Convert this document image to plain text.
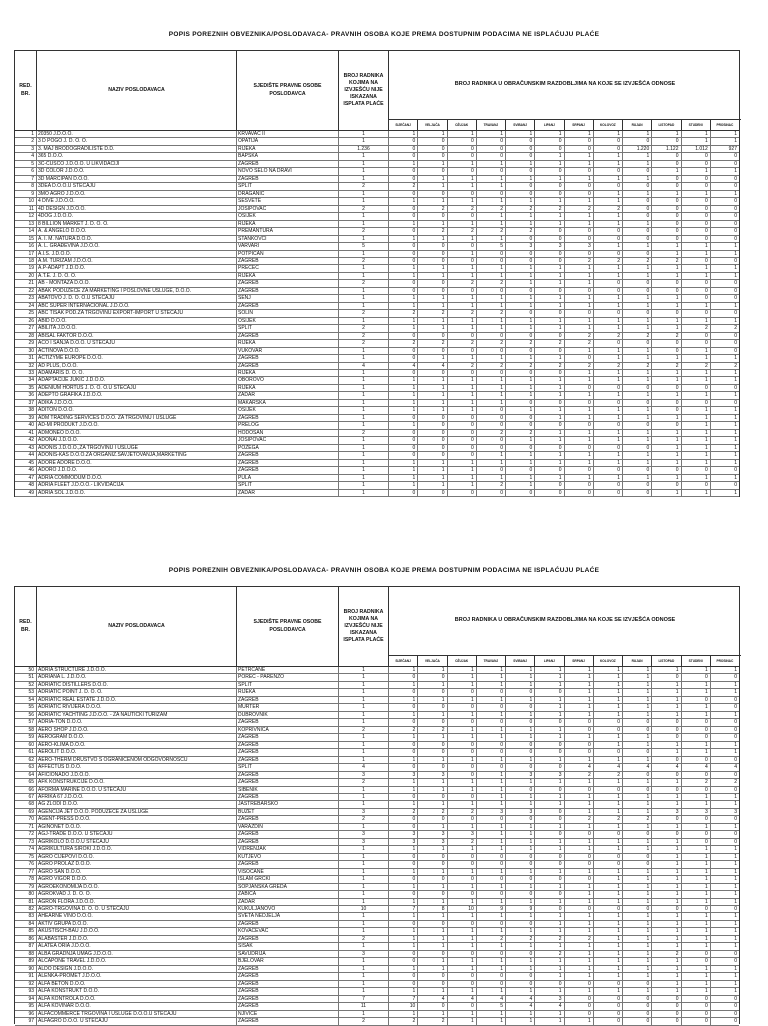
POPIS POREZNIH OBVEZNIKA/POSLODAVACA- PRAVNIH OSOBA KOJE PREMA DOSTUPNIM PODACIMA NE ISPLAĆUJU PLAĆE
RED. BR.
NAZIV POSLODAVACA
SJEDIŠTE PRAVNE OSOBE POSLODAVCA
BROJ RADNIKA KOJIMA NA IZVJEŠĆU NIJE ISKAZANA ISPLATA PLAĆE
BROJ RADNIKA U OBRAČUNSKIM RAZDOBLJIMA NA KOJE SE IZVJEŠĆA ODNOSE
SIJEČANJ	VELJAČA	OŽUJAK	TRAVANJ	SVIBANJ	LIPANJ	SRPANJ	KOLOVOZ	RUJAN	LISTOPAD	STUDENI	PROSINAC
1 20350 J.D.O.O.	KRVAVAC II	1	1	1	1	1	1	1	1	1	1	1	1	1
2 3 D POGO J. D. O. O.	OPATIJA	1	0	0	0	0	0	0	0	0	0	0	1	1
3 3. MAJ BRODOGRADILIŠTE D.D.	RIJEKA	1.236	0	0	0	0	0	0	0	0	1.220	1.122	1.012	927
4 365 D.O.O.	BAPSKA	1	0	0	0	0	0	1	1	1	1	0	0	0
5 3C-CUSCO J.D.O.O. U LIKVIDACIJI	ZAGREB	1	1	1	1	1	1	1	1	1	1	0	0	0
6 3D COLOR J.D.O.O.	NOVO SELO NA DRAVI	1	0	0	0	0	0	0	0	0	0	1	1	1
7 3D MARCIPAN D.O.O.	ZAGREB	1	0	1	1	1	1	1	1	1	1	0	0	0
8 3DEA D.O.O.U STEČAJU	SPLIT	2	2	1	1	1	0	0	0	0	0	0	0	0
9 3MO AGRO J.D.O.O.	DRAGANIĆ	1	0	0	0	0	0	0	0	1	1	1	1	1
10 4 DIVE J.D.O.O.	SESVETE	1	1	1	1	1	1	1	1	1	0	0	0	0
11 4D DESIGN J.D.O.O.	JOSIPOVAC	2	0	2	2	2	2	2	2	2	0	0	0	0
12 4DOG J.D.O.O.	OSIJEK	1	0	0	0	1	1	1	1	1	0	0	0	0
13 8 BILLION MARKET J. D. O. O.	RIJEKA	1	1	1	1	1	1	1	1	1	1	0	0	0
14 A. & ANGELO D.O.O.	PREMANTURA	2	0	2	2	2	2	0	0	0	0	0	0	0
15 A. I. M. NATURA D.O.O.	STANKOVCI	1	1	1	1	1	0	0	0	0	0	0	0	0
16 A. L. GRAĐEVINA J.D.O.O.	VARVARI	5	0	0	0	5	3	3	3	1	1	1	1	1
17 A.I.S. J.D.O.O.	POTPIĆAN	1	0	0	1	0	0	0	0	0	0	1	1	1
18 A.M. TURIZAM J.D.O.O.	ZAGREB	2	0	0	0	0	0	0	2	2	2	2	0	0
19 A.P-ADAPT J.D.O.O.	PREČEC	1	1	1	1	1	1	1	1	1	1	1	1	1
20 A.T.E. J. D. O. O.	RIJEKA	1	1	1	1	1	1	1	1	1	1	1	1	1
21 AB - MONTAŽA D.O.O.	ZAGREB	2	0	0	2	2	1	1	1	0	0	0	0	0
22 ABAK PODUZEĆE ZA MARKETING I POSLOVNE USLUGE, D.O.O.	ZAGREB	1	0	0	0	0	0	0	0	0	0	0	0	0
23 ABATOVO J. D. O. O.U STEČAJU	SENJ	1	1	1	1	1	1	1	1	1	1	1	0	0
24 ABC SUPER INTERNACIONAL J.D.O.O.	ZAGREB	1	1	1	1	1	1	1	1	1	1	1	1	1
25 ABC TISAK POD.ZA TRGOVINU EXPORT-IMPORT U STEČAJU	SOLIN	2	2	2	2	2	0	0	0	0	0	0	0	0
26 ABID D.O.O.	OSIJEK	1	1	1	1	1	1	1	1	1	1	1	1	1
27 ABILITA J.D.O.O.	SPLIT	2	1	1	1	1	1	1	1	1	1	1	2	2
28 ABISAL FAKTOR D.O.O.	ZAGREB	2	0	0	0	0	0	0	2	2	2	2	0	0
29 ACO I SANJA D.O.O. U STEČAJU	RIJEKA	2	2	2	2	2	2	2	2	0	0	0	0	0
30 ACTINOVA D.O.O.	VUKOVAR	1	0	0	0	0	0	0	1	1	1	0	1	0
31 ACTIZYME EUROPE D.O.O.	ZAGREB	1	0	1	1	1	1	1	0	1	1	1	1	1
32 AD PLUS, D.O.O.	ZAGREB	4	4	4	2	2	2	2	2	2	2	2	2	2
33 ADAMARIS D. O. O.	RIJEKA	1	0	0	0	0	0	0	1	1	1	1	1	1
34 ADAPTACIJE JUKIĆ J.D.O.O.	OBOROVO	1	1	1	1	1	1	1	1	1	1	1	1	1
35 ADENIUM HORTUS J. D. O. O.U STEČAJU	RIJEKA	1	1	1	1	1	1	1	0	0	0	0	0	0
36 ADEPTO GRAFIKA J.D.O.O.	ZADAR	1	1	1	1	1	1	1	1	1	1	1	1	1
37 ADIKA J.D.O.O.	MAKARSKA	1	1	1	1	1	0	0	0	0	0	0	0	0
38 ADITON D.O.O.	OSIJEK	1	1	1	1	0	1	1	1	1	1	0	1	1
39 ADM TRADING SERVICES D.O.O. ZA TRGOVINU I USLUGE	ZAGREB	1	0	0	0	0	0	1	1	1	1	1	1	1
40 AD-MI PRODUKT J.D.O.O.	PRELOG	1	1	0	0	0	0	0	0	0	0	0	1	1
41 ADMONEO D.O.O.	HODOSAN	2	0	0	0	2	2	1	1	1	1	1	1	1
42 ADONAI J.D.O.O.	JOSIPOVAC	1	0	0	0	0	1	1	1	1	1	1	1	1
43 ADONIS J.D.O.O.,ZA TRGOVINU I USLUGE	POŽEGA	1	0	0	0	0	0	0	0	0	0	1	1	1
44 ADONIS-KAS D.O.O.ZA ORGANIZ.SAVJETOVANJA,MARKETING	ZAGREB	1	0	0	0	1	1	1	1	1	1	1	1	1
45 ADORE ADORE D.O.O.	ZAGREB	1	1	1	1	1	1	1	1	1	1	1	1	1
46 ADORO J.D.O.O.	ZAGREB	1	1	1	1	0	0	0	0	0	0	0	0	0
47 ADRIA COMMODUM D.O.O.	PULA	1	1	1	1	1	1	1	1	1	1	1	1	1
48 ADRIA FLEET J.D.O.O.- LIKVIDACIJA	SPLIT	1	1	1	1	2	1	0	0	0	0	0	0	0
49 ADRIA SOL J.D.O.O.	ZADAR	1	0	0	0	0	0	0	0	0	0	1	1	1
POPIS POREZNIH OBVEZNIKA/POSLODAVACA- PRAVNIH OSOBA KOJE PREMA DOSTUPNIM PODACIMA NE ISPLAĆUJU PLAĆE
RED. BR.
NAZIV POSLODAVACA
SJEDIŠTE PRAVNE OSOBE POSLODAVCA
BROJ RADNIKA KOJIMA NA IZVJEŠĆU NIJE ISKAZANA ISPLATA PLAĆE
BROJ RADNIKA U OBRAČUNSKIM RAZDOBLJIMA NA KOJE SE IZVJEŠĆA ODNOSE
SIJEČANJ	VELJAČA	OŽUJAK	TRAVANJ	SVIBANJ	LIPANJ	SRPANJ	KOLOVOZ	RUJAN	LISTOPAD	STUDENI	PROSINAC
50 ADRIA STRUCTURE J.D.O.O.	PETRČANE	1	1	1	1	1	1	1	1	1	1	1	1	1
51 ADRIANA L. J.D.O.O.	POREČ - PARENZO	1	0	0	1	1	1	1	1	1	1	0	0	0
52 ADRIATIC DISTILLERS D.O.O.	SPLIT	1	1	1	1	1	1	1	1	1	1	1	1	1
53 ADRIATIC POINT J. D. O. O.	RIJEKA	1	0	0	0	0	0	0	1	1	1	1	1	1
54 ADRIATIC REAL ESTATE J.D.O.O.	ZAGREB	1	1	1	1	1	1	1	1	1	1	1	0	0
55 ADRIATIC RIVIJERA D.O.O.	MURTER	1	0	0	0	0	0	1	1	1	1	1	1	0
56 ADRIATIC YACHTING J.D.O.O. - ZA NAUTIČKI TURIZAM	DUBROVNIK	1	1	1	1	1	1	1	1	1	1	1	1	1
57 ADRIA-TON D.O.O.	ZAGREB	1	0	0	0	0	0	0	0	0	0	0	0	0
58 AERO SHOP J.D.O.O.	KOPRIVNICA	2	2	2	1	1	1	1	0	0	0	0	0	0
59 AEROGRAM D.O.O.	ZAGREB	1	1	1	1	1	1	1	1	1	1	0	0	0
60 AERO-KLIMA D.O.O.	ZAGREB	1	0	0	0	0	0	0	0	1	1	1	1	1
61 AEROLIT D.O.O.	ZAGREB	1	0	0	0	0	0	0	0	0	0	1	1	1
62 AERO-THERM DRUŠTVO S OGRANIČENOM ODGOVORNOŠĆU	ZAGREB	1	1	1	1	1	1	1	1	1	1	0	0	0
63 AFFECTUS D.O.O.	SPLIT	4	0	0	0	0	0	0	4	4	4	4	4	4
64 AFICIONADO J.D.O.O.	ZAGREB	3	3	3	0	1	3	3	2	2	0	0	0	0
65 AFK KONSTRUKCIJE D.O.O.	ZAGREB	2	1	1	1	1	1	1	1	1	1	1	2	2
66 AFORMA MARINE D.O.O. U STEČAJU	ŠIBENIK	1	1	1	1	1	0	0	0	0	0	0	0	0
67 AFRIKA 67 J.D.O.O.	ZAGREB	1	0	0	0	1	1	1	1	1	1	1	1	1
68 AG ZLODI D.O.O.	JASTREBARSKO	1	1	1	1	1	1	1	1	1	1	1	1	1
69 AGENCIJA JET D.O.O. PODUZEĆE ZA USLUGE	BUZET	3	2	2	2	3	3	0	1	1	1	3	3	3
70 AGENT-PRESS D.O.O.	ZAGREB	2	0	0	0	0	0	0	2	2	2	0	0	0
71 AGINONET D.O.O.	VARAŽDIN	1	0	1	1	1	1	1	1	1	1	1	1	1
72 AGJ-TRADE D.O.O. U STEČAJU	ZAGREB	3	3	3	3	1	1	0	0	0	0	0	0	0
73 AGRIKOLO D.O.O.U STEČAJU	ZAGREB	3	3	3	2	1	1	1	1	1	1	1	0	0
74 AGRIKULTURA ŠIROKI J.D.O.O.	VIDRENJAK	1	1	1	1	1	1	1	1	1	1	1	1	1
75 AGRO CIJEPOVI D.O.O.	KUTJEVO	1	0	0	0	0	0	0	0	0	0	1	1	1
76 AGRO PROLAZ D.O.O.	ZAGREB	1	0	0	0	0	0	0	0	0	0	1	1	1
77 AGRO SAN D.O.O.	VISOČANE	1	1	1	1	1	1	1	1	1	1	1	1	1
78 AGRO VIGOR D.O.O.	ISLAM GRČKI	1	0	0	0	0	0	0	0	1	1	1	1	1
79 AGROEKONOMIJA D.O.O.	SOPJANSKA GREDA	1	1	1	1	1	1	1	1	1	1	1	1	1
80 AGROKVAD J. D. O. O.	ŽABICA	1	0	0	0	0	0	0	1	1	1	1	1	1
81 AGRON FLORA J.D.O.O.	ZADAR	1	1	1	1	1	1	1	1	1	1	1	1	1
82 AGRO-TRGOVINA D. O. O. U STEČAJU	KUKULJANOVO	10	7	8	10	9	9	0	0	0	0	0	0	0
83 AHEARNE VINO D.O.O.	SVETA NEDJELJA	1	1	1	1	1	1	1	1	1	1	1	1	1
84 AKTIV GRUPA D.O.O.	ZAGREB	1	0	0	0	0	0	1	1	1	1	1	1	1
85 AKUSTISCH-BAU J.D.O.O.	KOVAČEVAC	1	1	1	1	1	1	1	1	1	1	1	1	1
86 ALABASTER J.D.O.O.	ZAGREB	2	1	1	1	2	2	2	2	1	1	1	1	1
87 ALATEA ORIA J.D.O.O.	SISAK	1	1	1	1	1	1	1	1	1	1	1	1	1
88 ALBA GRADNJA UMAG J.D.O.O.	SAVUDRIJA	3	0	0	0	0	0	2	1	1	1	2	0	0
89 ALCAPONE TRAVEL J.D.O.O.	BJELOVAR	1	0	1	1	1	1	1	1	1	1	1	0	0
90 ALDO DESIGN J.D.O.O.	ZAGREB	1	1	1	1	1	1	1	1	1	1	1	1	1
91 ALENKA-PROMET J.D.O.O.	ZAGREB	1	0	0	0	0	0	1	1	1	1	1	1	1
92 ALFA BETON D.O.O.	ZAGREB	1	0	0	0	0	0	0	0	0	0	1	1	1
93 ALFA KONSTRUKT D.O.O.	ZAGREB	1	1	1	1	1	1	1	1	1	1	1	1	1
94 ALFA KONTROLA D.O.O.	ZAGREB	7	7	4	4	4	4	3	0	0	0	0	0	0
95 ALFA KOVINAR D.O.O.	ZAGREB	11	10	0	0	5	4	4	0	0	0	0	0	0
96 ALFACOMMERCE TRGOVINA I USLUGE D.O.O.U STEČAJU	NJIVICE	1	1	1	1	1	1	1	0	0	0	0	0	0
97 ALFAGRO D.O.O. U STEČAJU	ZAGREB	2	2	2	1	1	1	1	1	0	0	0	0	0
